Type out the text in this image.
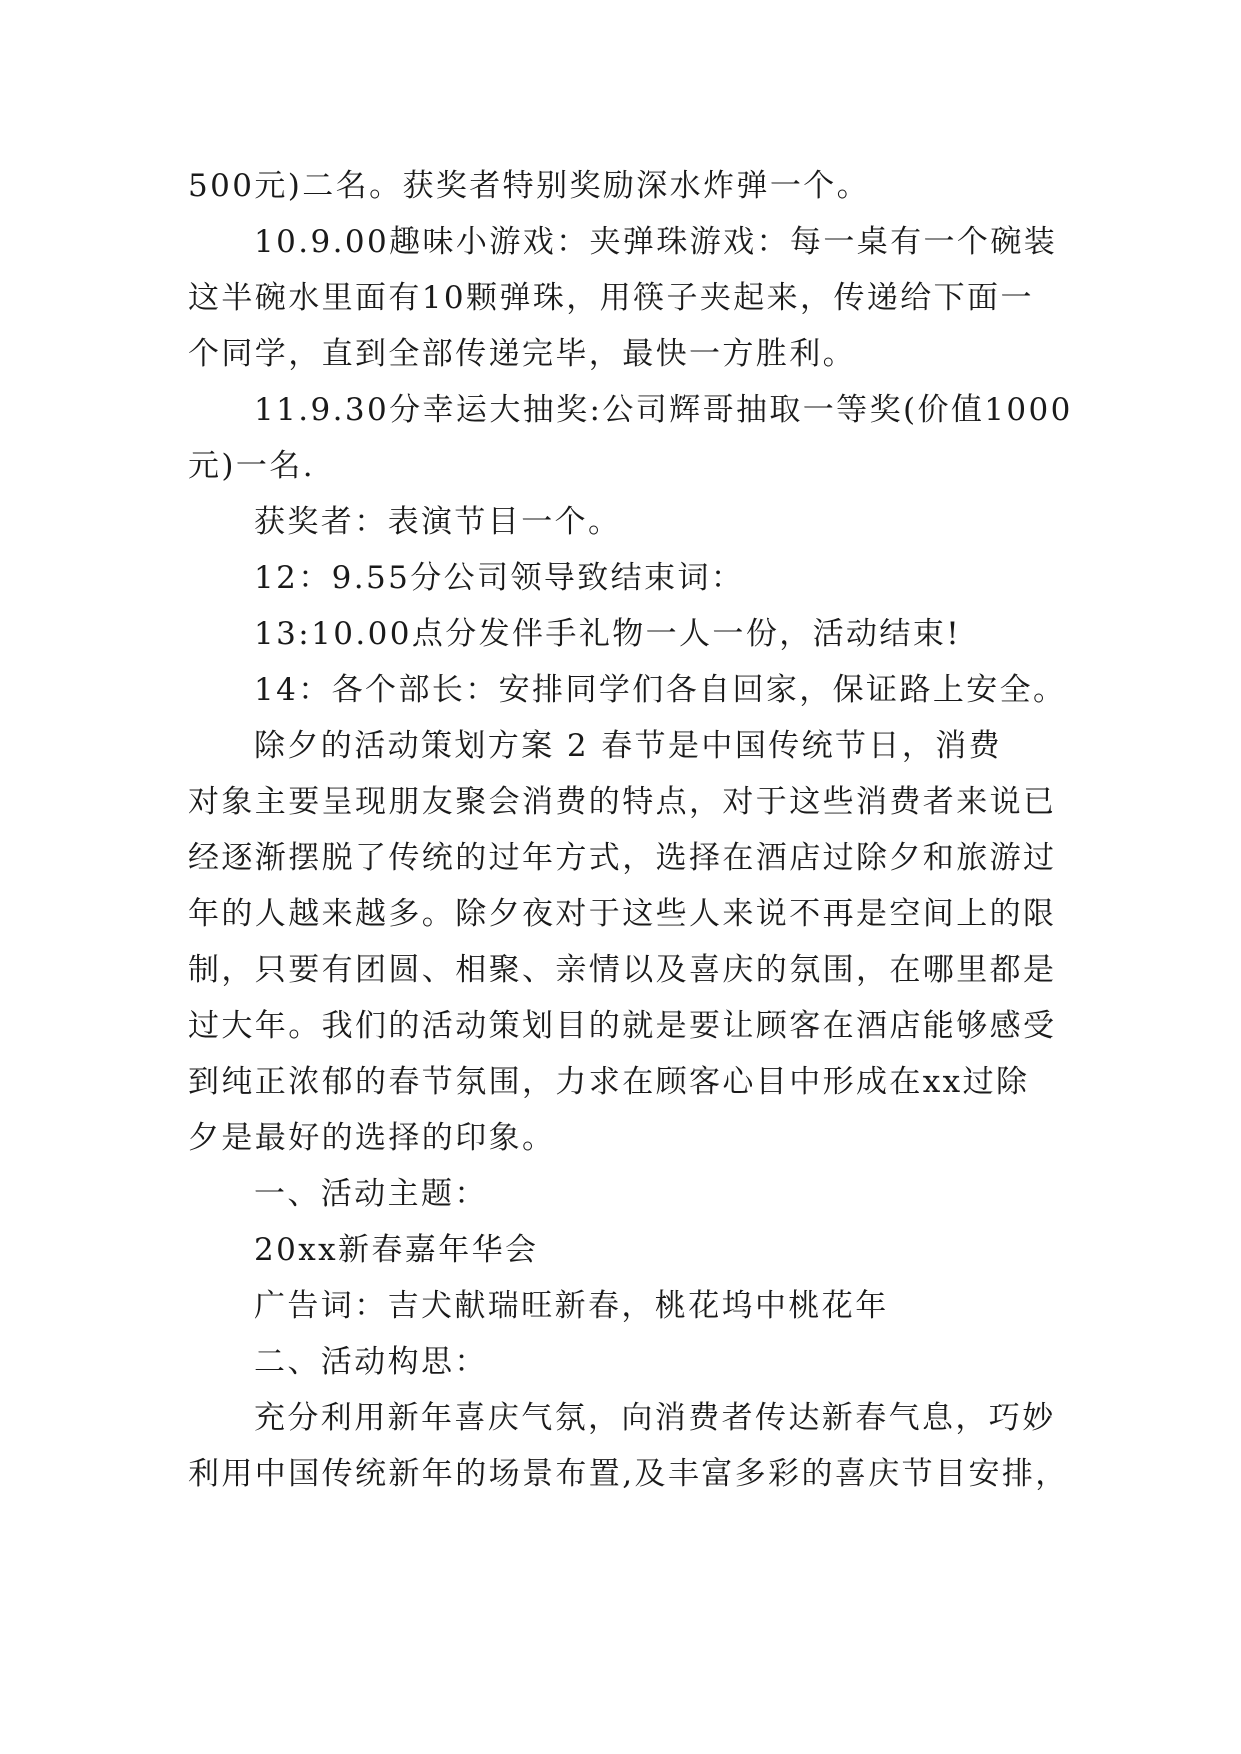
500元)二名。获奖者特别奖励深水炸弹一个。
10.9.00趣味小游戏：夹弹珠游戏：每一桌有一个碗装
这半碗水里面有10颗弹珠，用筷子夹起来，传递给下面一
个同学，直到全部传递完毕，最快一方胜利。
11.9.30分幸运大抽奖:公司辉哥抽取一等奖(价值1000
元)一名.
获奖者：表演节目一个。
12：9.55分公司领导致结束词：
13:10.00点分发伴手礼物一人一份，活动结束!
14：各个部长：安排同学们各自回家，保证路上安全。
除夕的活动策划方案 2 春节是中国传统节日，消费
对象主要呈现朋友聚会消费的特点，对于这些消费者来说已
经逐渐摆脱了传统的过年方式，选择在酒店过除夕和旅游过
年的人越来越多。除夕夜对于这些人来说不再是空间上的限
制，只要有团圆、相聚、亲情以及喜庆的氛围，在哪里都是
过大年。我们的活动策划目的就是要让顾客在酒店能够感受
到纯正浓郁的春节氛围，力求在顾客心目中形成在xx过除
夕是最好的选择的印象。
一、活动主题：
20xx新春嘉年华会
广告词：吉犬献瑞旺新春，桃花坞中桃花年
二、活动构思：
充分利用新年喜庆气氛，向消费者传达新春气息，巧妙
利用中国传统新年的场景布置,及丰富多彩的喜庆节目安排，
